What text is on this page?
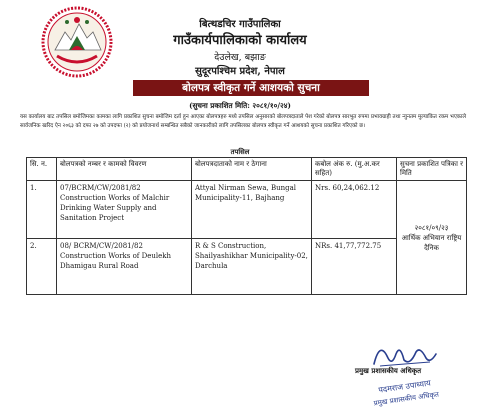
बित्थडचिर गाउँपालिका
गाउँकार्यपालिकाको कार्यालय
देउलेख, बझाङ
सुदूरपश्चिम प्रदेश, नेपाल
बोलपत्र स्वीकृत गर्ने आशयको सुचना
(सुचना प्रकाशित मिति: २०८१/१०/२४)
यस कार्यालय बाट तपसिल बमोजिमका कामका लागि प्रकाशित सुचना बमोजिम दर्ता हुन आएका बोलपत्रहरु मध्ये तपसिल अनुसारको बोलपत्रदाताले पेश गरेको बोलपत्र सारभुत रुपमा प्रभावग्राही तथा न्युनतम मुल्याकित रकम भएकाले सार्वजनिक खरिद ऐन २०६३ को दफा २७ को उपदफा (२) को प्रयोजनार्थ सम्बन्धित सबैको जानकारीको लागि तपसिलका बोलपत्र स्वीकृत गर्ने आशयको सुचना प्रकाशित गरिएको छ।
तपसिल
सि. न.	बोलपत्रको नम्बर र कामको विवरण	बोलपत्रदाताको नाम र ठेगाना	कबोल अंक रु. (मु.अ.कर सहित)	सुचना प्रकाशित पत्रिका र मिति
1.	07/BCRM/CW/2081/82 Construction Works of Malchir Drinking Water Supply and Sanitation Project	Attyal Nirman Sewa, Bungal Municipality-11, Bajhang	Nrs. 60,24,062.12	२०८१/०९/२३
आर्थिक अभियान राष्ट्रिय दैनिक

2.	08/ BCRM/CW/2081/82 Construction Works of Deulekh Dhamigau Rural Road	R & S Construction, Shailyashikhar Municipality-02, Darchula	NRs. 41,77,772.75	
प्रमुख प्रशासकीय अधिकृत
पदमराज उपाध्याय
प्रमुख प्रशासकीय अधिकृत
